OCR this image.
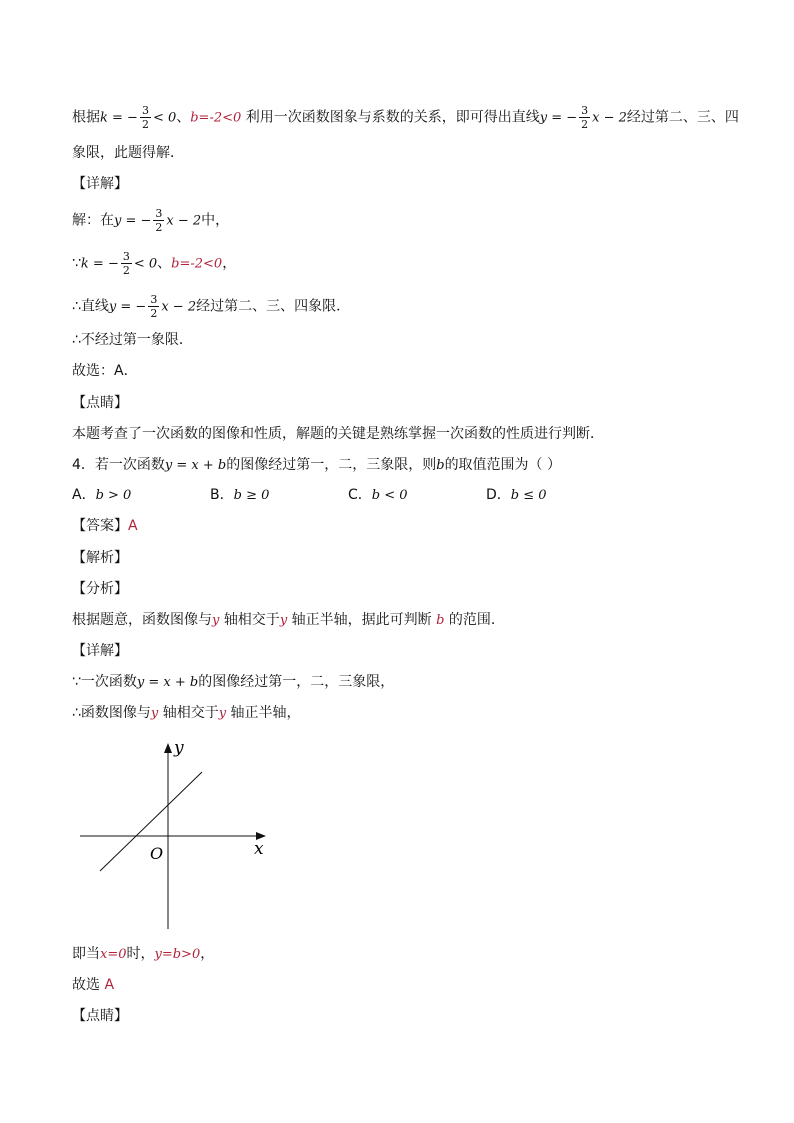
根据k = − $\frac{3}{2} < 0$、b=-2<0 利用一次函数图象与系数的关系，即可得出直线y = − $\frac{3}{2}$ x − 2经过第二、三、四
象限，此题得解．
【详解】
解：在y = − $\frac{3}{2}$ x − 2中，
∵k = − $\frac{3}{2} < 0$、b=-2<0，
∴直线y = − $\frac{3}{2}$ x − 2经过第二、三、四象限．
∴不经过第一象限．
故选：A．
【点睛】
本题考查了一次函数的图像和性质，解题的关键是熟练掌握一次函数的性质进行判断．
4．若一次函数y = x + b的图像经过第一，二，三象限，则b的取值范围为（ ）
A．b > 0	B．b ≥ 0	C．b < 0	D．b ≤ 0
【答案】A
【解析】
【分析】
根据题意，函数图像与y 轴相交于y 轴正半轴，据此可判断 b 的范围.
【详解】
∵一次函数y = x + b的图像经过第一，二，三象限，
∴函数图像与y 轴相交于y 轴正半轴，
y
x
O
即当x=0时，y=b>0，
故选 A
【点睛】
